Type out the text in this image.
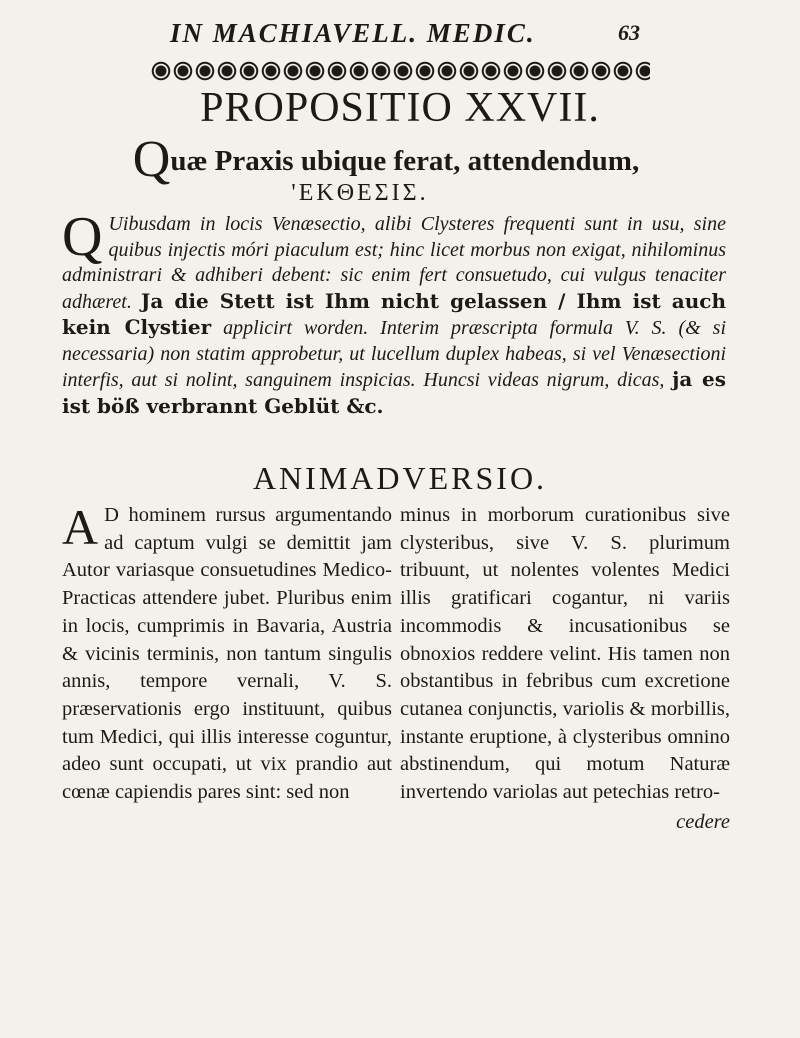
IN MACHIAVELL. MEDIC.	63
PROPOSITIO XXVII.
Quæ Praxis ubique ferat, attendendum,
'EKΘEΣIΣ.

Q Uibusdam in locis Venæsectio, alibi Clysteres frequenti sunt in usu, sine quibus injectis móri piaculum est; hinc licet morbus non exigat, nihilominus administrari & adhiberi debent: sic enim fert consuetudo, cui vulgus tenaciter adhæret. Ja die Stett ist Ihm nicht gelassen / Ihm ist auch kein Clystier applicirt worden. Interim præscripta formula V. S. (& si necessaria) non statim approbetur, ut lucellum duplex habeas, si vel Venæsectioni interfis, aut si nolint, sanguinem inspicias. Huncsi videas nigrum, dicas, ja es ist böß verbrannt Geblüt &c.

ANIMADVERSIO.

A D hominem rursus argumentando ad captum vulgi se demittit jam Autor variasque consuetudines Medico-Practicas attendere jubet. Pluribus enim in locis, cumprimis in Bavaria, Austria & vicinis terminis, non tantum singulis annis, tempore vernali, V. S. præservationis ergo instituunt, quibus tum Medici, qui illis interesse coguntur, adeo sunt occupati, ut vix prandio aut cœnæ capiendis pares sint: sed non

minus in morborum curationibus sive clysteribus, sive V. S. plurimum tribuunt, ut nolentes volentes Medici illis gratificari cogantur, ni variis incommodis & incusationibus se obnoxios reddere velint. His tamen non obstantibus in febribus cum excretione cutanea conjunctis, variolis & morbillis, instante eruptione, à clysteribus omnino abstinendum, qui motum Naturæ invertendo variolas aut petechias retro-

cedere
